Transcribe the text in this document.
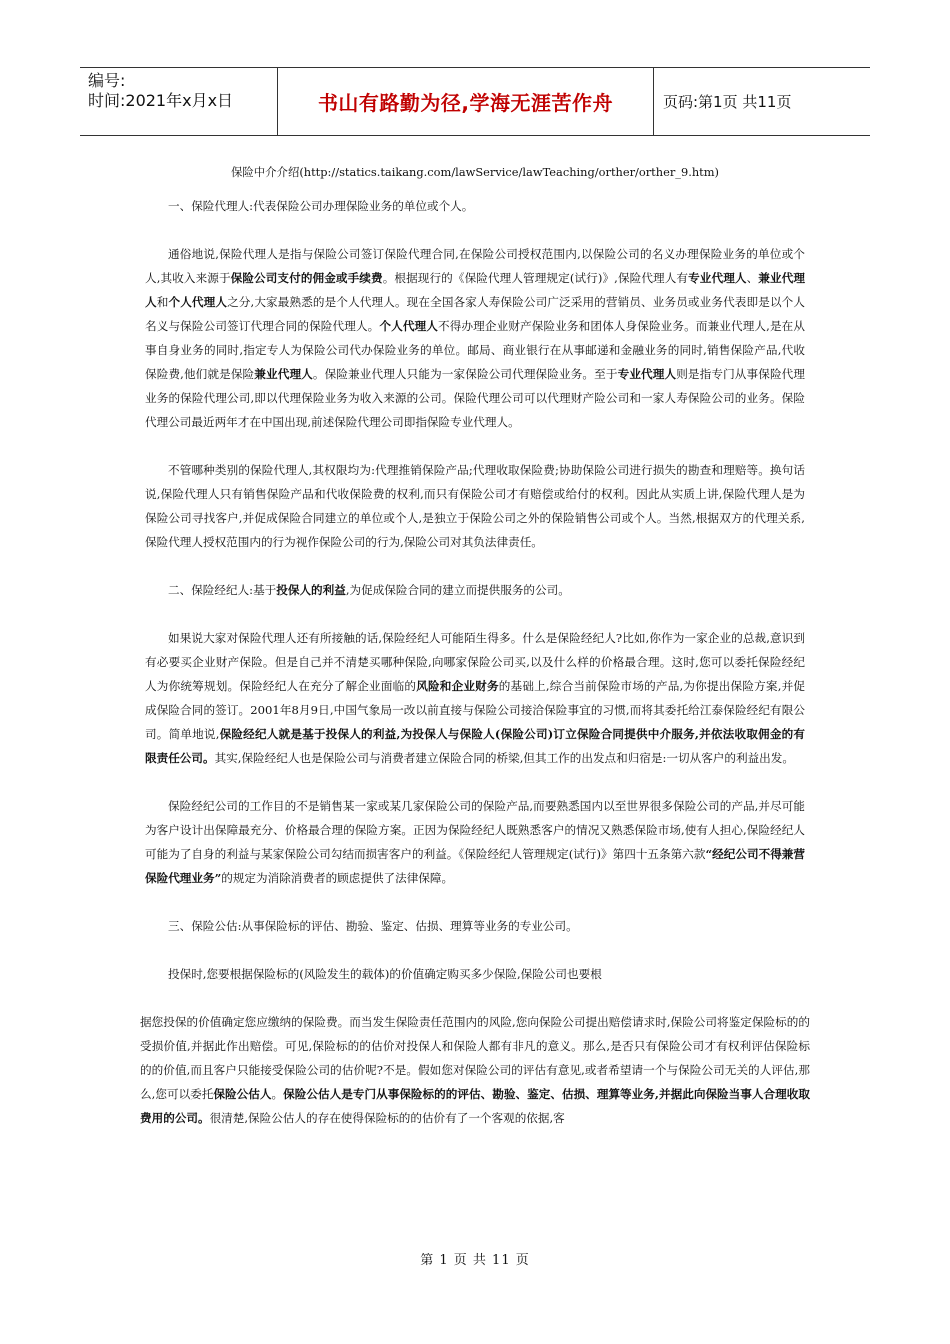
编号:
时间:2021年x月x日	书山有路勤为径,学海无涯苦作舟	页码:第1页 共11页
保险中介介绍(http://statics.taikang.com/lawService/lawTeaching/orther/orther_9.htm)

一、保险代理人:代表保险公司办理保险业务的单位或个人。

通俗地说,保险代理人是指与保险公司签订保险代理合同,在保险公司授权范围内,以保险公司的名义办理保险业务的单位或个人,其收入来源于保险公司支付的佣金或手续费。根据现行的《保险代理人管理规定(试行)》,保险代理人有专业代理人、兼业代理人和个人代理人之分,大家最熟悉的是个人代理人。现在全国各家人寿保险公司广泛采用的营销员、业务员或业务代表即是以个人名义与保险公司签订代理合同的保险代理人。个人代理人不得办理企业财产保险业务和团体人身保险业务。而兼业代理人,是在从事自身业务的同时,指定专人为保险公司代办保险业务的单位。邮局、商业银行在从事邮递和金融业务的同时,销售保险产品,代收保险费,他们就是保险兼业代理人。保险兼业代理人只能为一家保险公司代理保险业务。至于专业代理人则是指专门从事保险代理业务的保险代理公司,即以代理保险业务为收入来源的公司。保险代理公司可以代理财产险公司和一家人寿保险公司的业务。保险代理公司最近两年才在中国出现,前述保险代理公司即指保险专业代理人。

不管哪种类别的保险代理人,其权限均为:代理推销保险产品;代理收取保险费;协助保险公司进行损失的勘查和理赔等。换句话说,保险代理人只有销售保险产品和代收保险费的权利,而只有保险公司才有赔偿或给付的权利。因此从实质上讲,保险代理人是为保险公司寻找客户,并促成保险合同建立的单位或个人,是独立于保险公司之外的保险销售公司或个人。当然,根据双方的代理关系,保险代理人授权范围内的行为视作保险公司的行为,保险公司对其负法律责任。

二、保险经纪人:基于投保人的利益,为促成保险合同的建立而提供服务的公司。

如果说大家对保险代理人还有所接触的话,保险经纪人可能陌生得多。什么是保险经纪人?比如,你作为一家企业的总裁,意识到有必要买企业财产保险。但是自己并不清楚买哪种保险,向哪家保险公司买,以及什么样的价格最合理。这时,您可以委托保险经纪人为你统筹规划。保险经纪人在充分了解企业面临的风险和企业财务的基础上,综合当前保险市场的产品,为你提出保险方案,并促成保险合同的签订。2001年8月9日,中国气象局一改以前直接与保险公司接洽保险事宜的习惯,而将其委托给江泰保险经纪有限公司。简单地说,保险经纪人就是基于投保人的利益,为投保人与保险人(保险公司)订立保险合同提供中介服务,并依法收取佣金的有限责任公司。其实,保险经纪人也是保险公司与消费者建立保险合同的桥梁,但其工作的出发点和归宿是:一切从客户的利益出发。

保险经纪公司的工作目的不是销售某一家或某几家保险公司的保险产品,而要熟悉国内以至世界很多保险公司的产品,并尽可能为客户设计出保障最充分、价格最合理的保险方案。正因为保险经纪人既熟悉客户的情况又熟悉保险市场,使有人担心,保险经纪人可能为了自身的利益与某家保险公司勾结而损害客户的利益。《保险经纪人管理规定(试行)》第四十五条第六款“经纪公司不得兼营保险代理业务”的规定为消除消费者的顾虑提供了法律保障。

三、保险公估:从事保险标的评估、勘验、鉴定、估损、理算等业务的专业公司。

投保时,您要根据保险标的(风险发生的载体)的价值确定购买多少保险,保险公司也要根

据您投保的价值确定您应缴纳的保险费。而当发生保险责任范围内的风险,您向保险公司提出赔偿请求时,保险公司将鉴定保险标的的受损价值,并据此作出赔偿。可见,保险标的的估价对投保人和保险人都有非凡的意义。那么,是否只有保险公司才有权利评估保险标的的价值,而且客户只能接受保险公司的估价呢?不是。假如您对保险公司的评估有意见,或者希望请一个与保险公司无关的人评估,那么,您可以委托保险公估人。保险公估人是专门从事保险标的的评估、勘验、鉴定、估损、理算等业务,并据此向保险当事人合理收取费用的公司。很清楚,保险公估人的存在使得保险标的的估价有了一个客观的依据,客

第 1 页 共 11 页
